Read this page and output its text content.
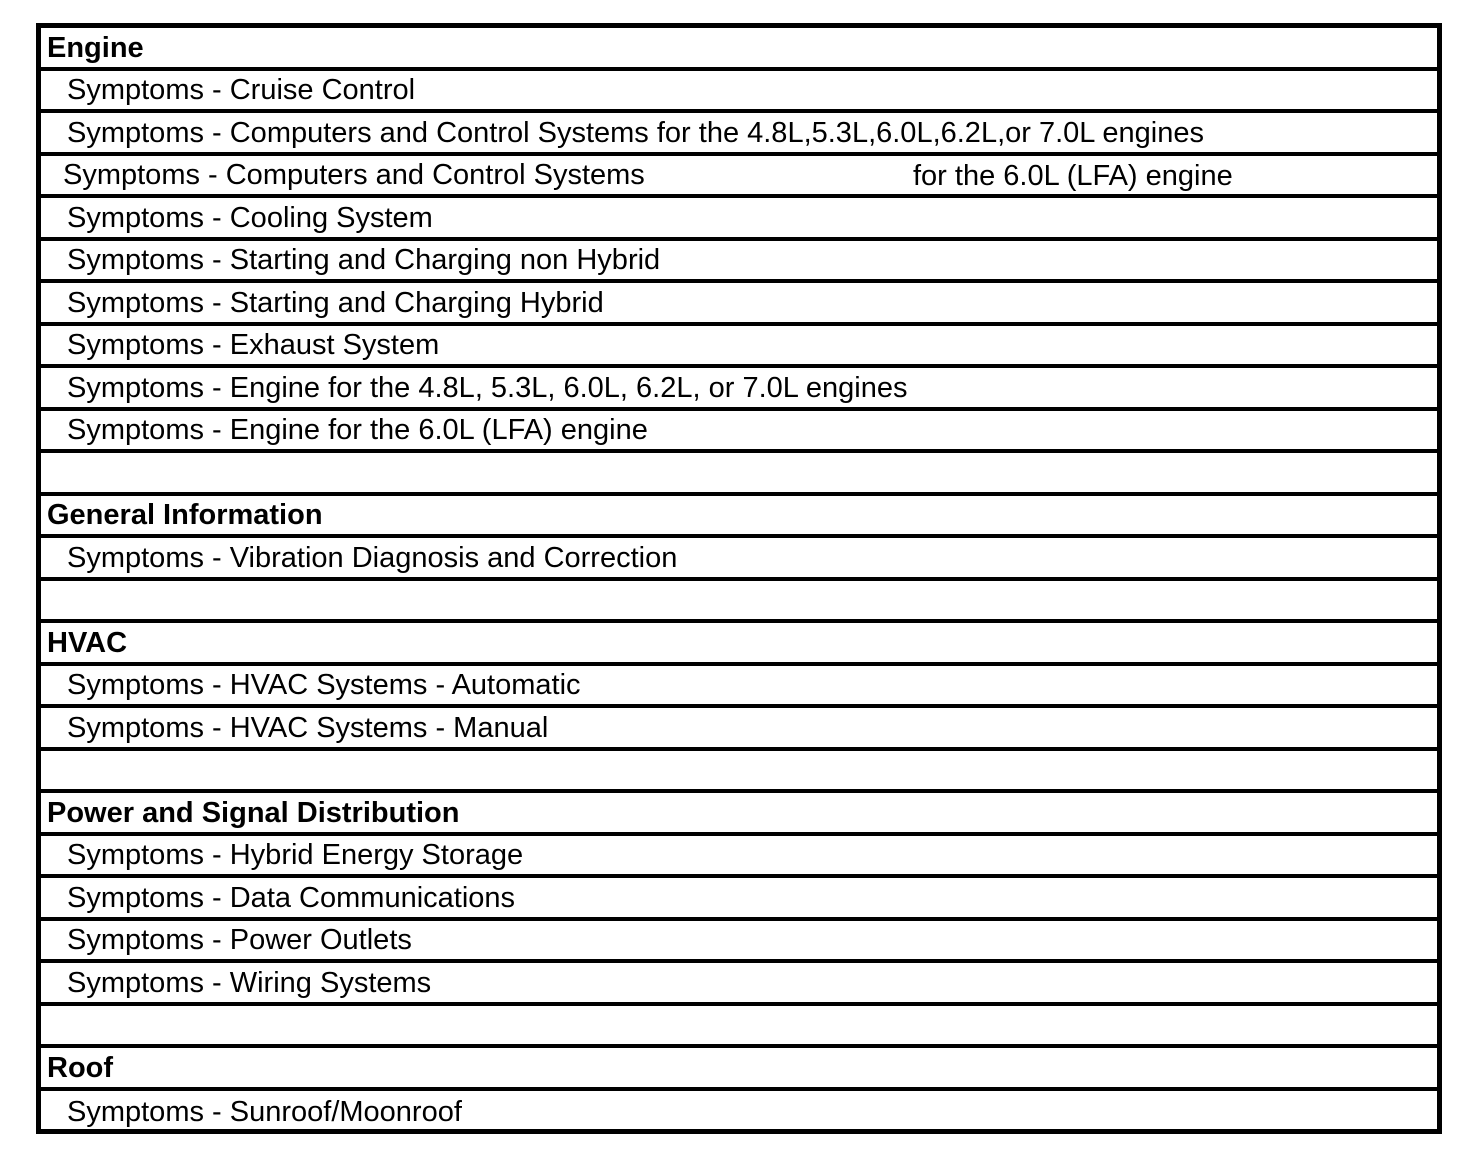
Engine
Symptoms - Cruise Control
Symptoms - Computers and Control Systems for the 4.8L,5.3L,6.0L,6.2L,or 7.0L engines
Symptoms - Computers and Control Systems	for the 6.0L (LFA) engine
Symptoms - Cooling System
Symptoms - Starting and Charging non Hybrid
Symptoms - Starting and Charging Hybrid
Symptoms - Exhaust System
Symptoms - Engine for the 4.8L, 5.3L, 6.0L, 6.2L, or 7.0L engines
Symptoms - Engine for the 6.0L (LFA) engine
General Information
Symptoms - Vibration Diagnosis and Correction
HVAC
Symptoms - HVAC Systems - Automatic
Symptoms - HVAC Systems - Manual
Power and Signal Distribution
Symptoms - Hybrid Energy Storage
Symptoms - Data Communications
Symptoms - Power Outlets
Symptoms - Wiring Systems
Roof
Symptoms - Sunroof/Moonroof
